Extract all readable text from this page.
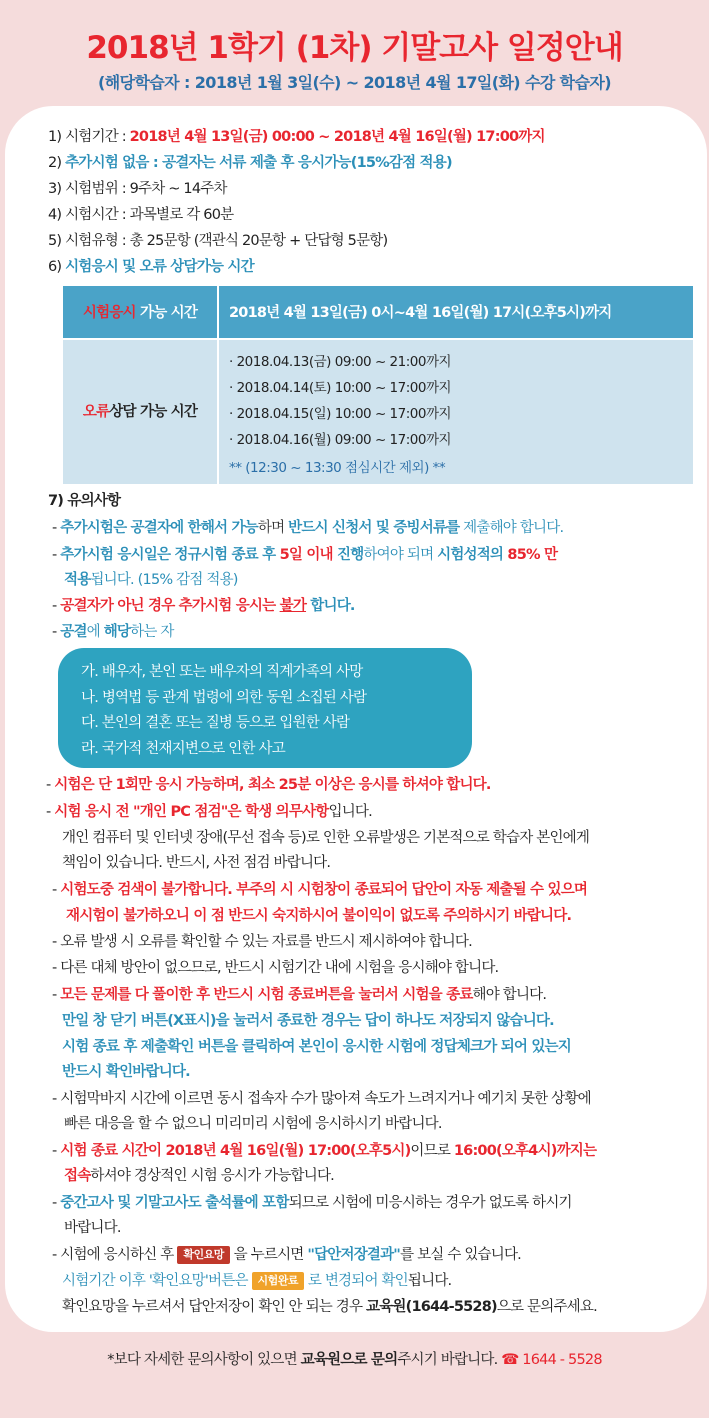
2018년 1학기 (1차) 기말고사 일정안내
(해당학습자 : 2018년 1월 3일(수) ~ 2018년 4월 17일(화) 수강 학습자)
1) 시험기간 : 2018년 4월 13일(금) 00:00 ~ 2018년 4월 16일(월) 17:00까지
2) 추가시험 없음 : 공결자는 서류 제출 후 응시가능(15%감점 적용)
3) 시험범위 : 9주차 ~ 14주차
4) 시험시간 : 과목별로 각 60분
5) 시험유형 : 총 25문항 (객관식 20문항 + 단답형 5문항)
6) 시험응시 및 오류 상담가능 시간
시험응시 가능 시간	2018년 4월 13일(금) 0시~4월 16일(월) 17시(오후5시)까지
오류상담 가능 시간
· 2018.04.13(금) 09:00 ~ 21:00까지
· 2018.04.14(토) 10:00 ~ 17:00까지
· 2018.04.15(일) 10:00 ~ 17:00까지
· 2018.04.16(월) 09:00 ~ 17:00까지
** (12:30 ~ 13:30 점심시간 제외) **
7) 유의사항
- 추가시험은 공결자에 한해서 가능하며 반드시 신청서 및 증빙서류를 제출해야 합니다.
- 추가시험 응시일은 정규시험 종료 후 5일 이내 진행하여야 되며 시험성적의 85% 만
적용됩니다. (15% 감점 적용)
- 공결자가 아닌 경우 추가시험 응시는 불가 합니다.
- 공결에 해당하는 자
가. 배우자, 본인 또는 배우자의 직계가족의 사망
나. 병역법 등 관계 법령에 의한 동원 소집된 사람
다. 본인의 결혼 또는 질병 등으로 입원한 사람
라. 국가적 천재지변으로 인한 사고
- 시험은 단 1회만 응시 가능하며, 최소 25분 이상은 응시를 하셔야 합니다.
- 시험 응시 전 "개인 PC 점검"은 학생 의무사항입니다.
개인 컴퓨터 및 인터넷 장애(무선 접속 등)로 인한 오류발생은 기본적으로 학습자 본인에게
책임이 있습니다. 반드시, 사전 점검 바랍니다.
- 시험도중 검색이 불가합니다. 부주의 시 시험창이 종료되어 답안이 자동 제출될 수 있으며
재시험이 불가하오니 이 점 반드시 숙지하시어 불이익이 없도록 주의하시기 바랍니다.
- 오류 발생 시 오류를 확인할 수 있는 자료를 반드시 제시하여야 합니다.
- 다른 대체 방안이 없으므로, 반드시 시험기간 내에 시험을 응시해야 합니다.
- 모든 문제를 다 풀이한 후 반드시 시험 종료버튼을 눌러서 시험을 종료해야 합니다.
만일 창 닫기 버튼(X표시)을 눌러서 종료한 경우는 답이 하나도 저장되지 않습니다.
시험 종료 후 제출확인 버튼을 클릭하여 본인이 응시한 시험에 정답체크가 되어 있는지
반드시 확인바랍니다.
- 시험막바지 시간에 이르면 동시 접속자 수가 많아져 속도가 느려지거나 예기치 못한 상황에
빠른 대응을 할 수 없으니 미리미리 시험에 응시하시기 바랍니다.
- 시험 종료 시간이 2018년 4월 16일(월) 17:00(오후5시)이므로 16:00(오후4시)까지는
접속하셔야 경상적인 시험 응시가 가능합니다.
- 중간고사 및 기말고사도 출석률에 포함되므로 시험에 미응시하는 경우가 없도록 하시기
바랍니다.
- 시험에 응시하신 후 확인요망 을 누르시면 "답안저장결과"를 보실 수 있습니다.
시험기간 이후 '확인요망'버튼은 시험완료 로 변경되어 확인됩니다.
확인요망을 누르셔서 답안저장이 확인 안 되는 경우 교육원(1644-5528)으로 문의주세요.
*보다 자세한 문의사항이 있으면 교육원으로 문의주시기 바랍니다. ☎ 1644 - 5528
